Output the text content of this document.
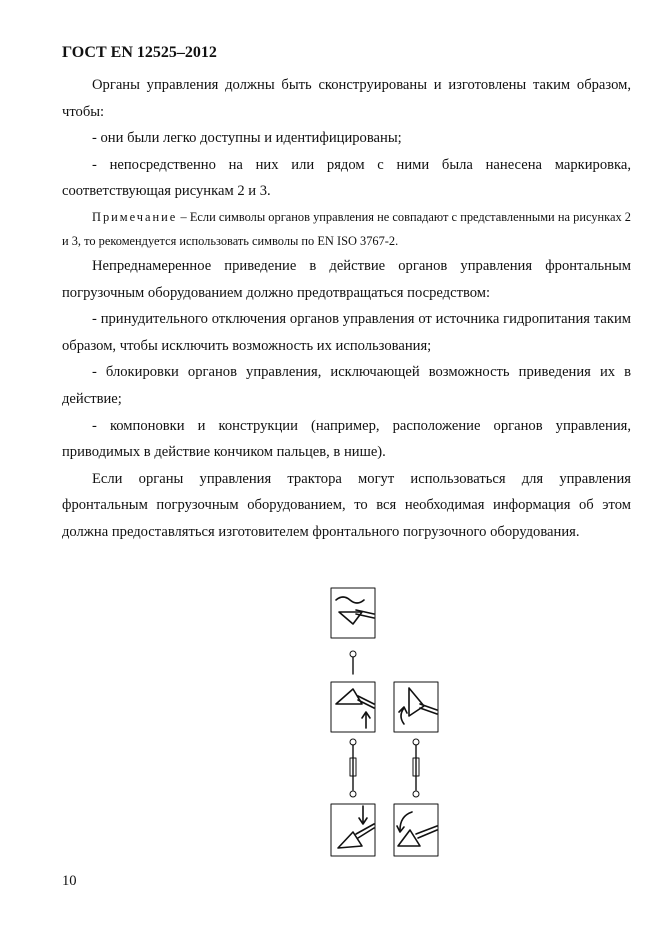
ГОСТ EN 12525–2012

Органы управления должны быть сконструированы и изготовлены таким образом, чтобы:

- они были легко доступны и идентифицированы;

- непосредственно на них или рядом с ними была нанесена маркировка, соответствующая рисункам 2 и 3.

Примечание – Если символы органов управления не совпадают с представленными на рисунках 2 и 3, то рекомендуется использовать символы по EN ISO 3767-2.

Непреднамеренное приведение в действие органов управления фронтальным погрузочным оборудованием должно предотвращаться посредством:

- принудительного отключения органов управления от источника гидропитания таким образом, чтобы исключить возможность их использования;

- блокировки органов управления, исключающей возможность приведения их в действие;

- компоновки и конструкции (например, расположение органов управления, приводимых в действие кончиком пальцев, в нише).

Если органы управления трактора могут использоваться для управления фронтальным погрузочным оборудованием, то вся необходимая информация об этом должна предоставляться изготовителем фронтального погрузочного оборудования.

10
